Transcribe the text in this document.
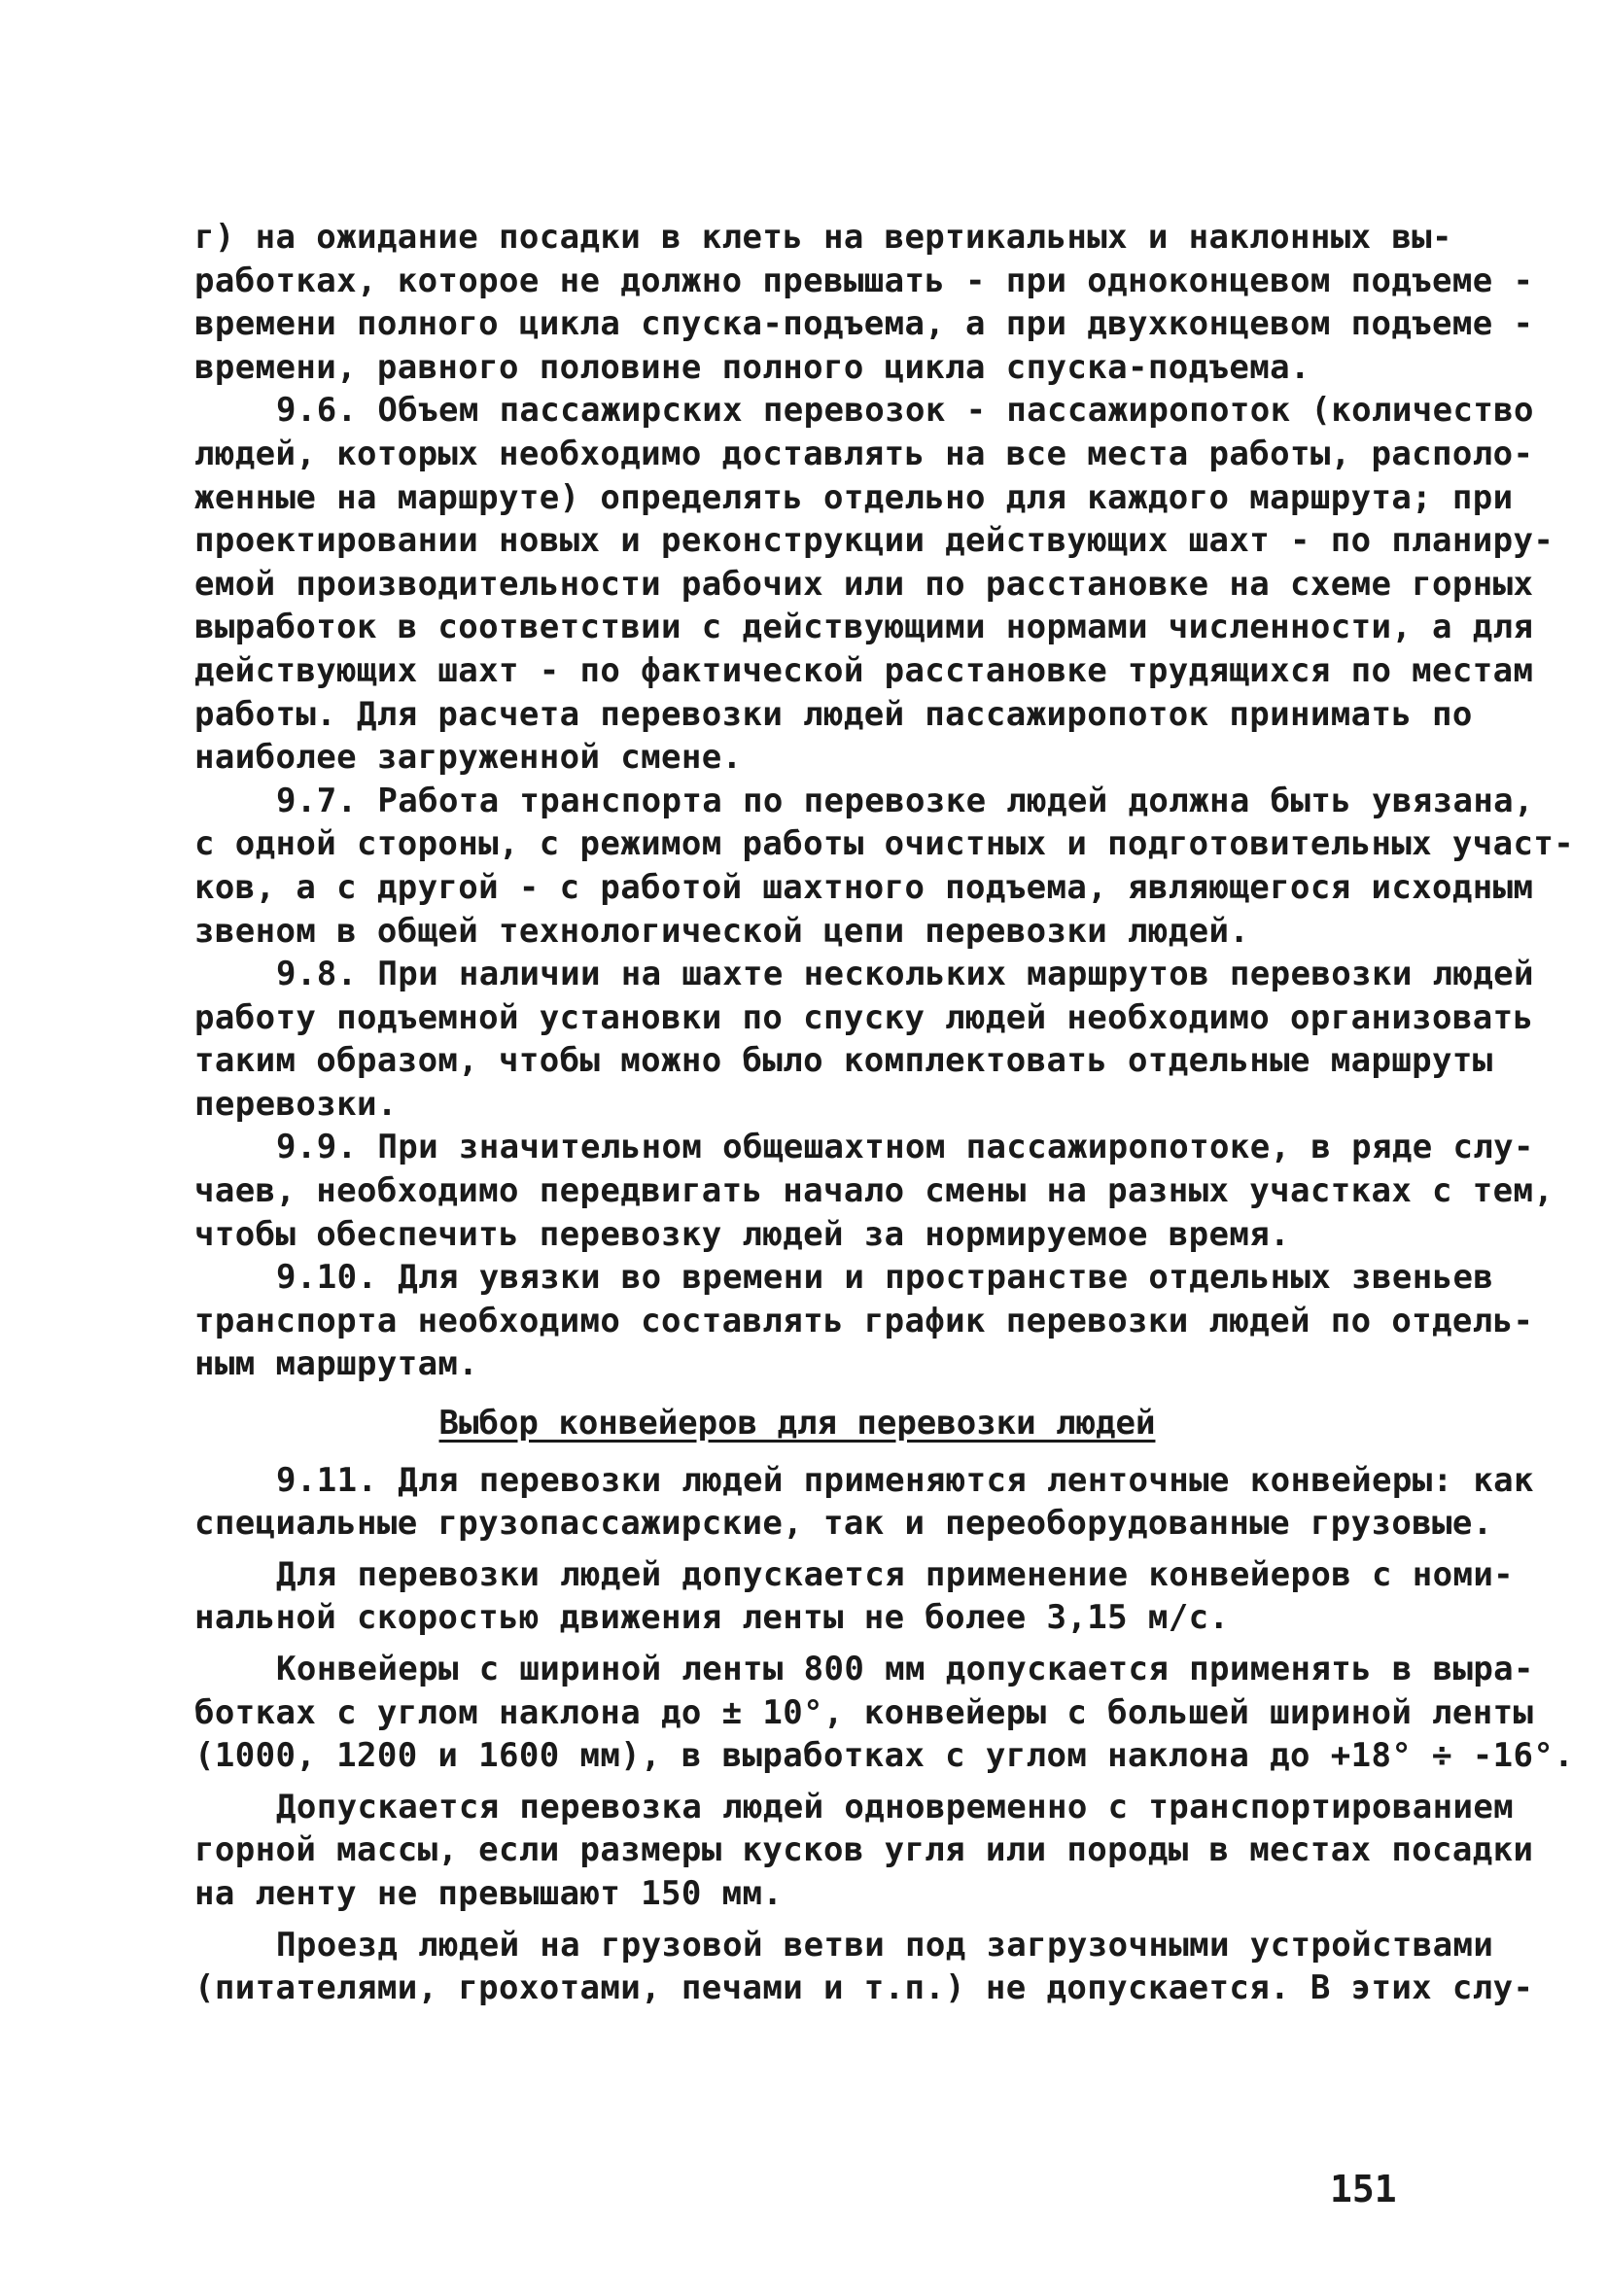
г) на ожидание посадки в клеть на вертикальных и наклонных вы-
работках, которое не должно превышать - при одноконцевом подъеме -
времени полного цикла спуска-подъема, а при двухконцевом подъеме -
времени, равного половине полного цикла спуска-подъема.
9.6. Объем пассажирских перевозок - пассажиропоток (количество
людей, которых необходимо доставлять на все места работы, располо-
женные на маршруте) определять отдельно для каждого маршрута; при
проектировании новых и реконструкции действующих шахт - по планиру-
емой производительности рабочих или по расстановке на схеме горных
выработок в соответствии с действующими нормами численности, а для
действующих шахт - по фактической расстановке трудящихся по местам
работы. Для расчета перевозки людей пассажиропоток принимать по
наиболее загруженной смене.
9.7. Работа транспорта по перевозке людей должна быть увязана,
с одной стороны, с режимом работы очистных и подготовительных участ-
ков, а с другой - с работой шахтного подъема, являющегося исходным
звеном в общей технологической цепи перевозки людей.
9.8. При наличии на шахте нескольких маршрутов перевозки людей
работу подъемной установки по спуску людей необходимо организовать
таким образом, чтобы можно было комплектовать отдельные маршруты
перевозки.
9.9. При значительном общешахтном пассажиропотоке, в ряде слу-
чаев, необходимо передвигать начало смены на разных участках с тем,
чтобы обеспечить перевозку людей за нормируемое время.
9.10. Для увязки во времени и пространстве отдельных звеньев
транспорта необходимо составлять график перевозки людей по отдель-
ным маршрутам.
Выбор конвейеров для перевозки людей
9.11. Для перевозки людей применяются ленточные конвейеры: как
специальные грузопассажирские, так и переоборудованные грузовые.
Для перевозки людей допускается применение конвейеров с номи-
нальной скоростью движения ленты не более 3,15 м/с.
Конвейеры с шириной ленты 800 мм допускается применять в выра-
ботках с углом наклона до ± 10°, конвейеры с большей шириной ленты
(1000, 1200 и 1600 мм), в выработках с углом наклона до +18° ÷ -16°.
Допускается перевозка людей одновременно с транспортированием
горной массы, если размеры кусков угля или породы в местах посадки
на ленту не превышают 150 мм.
Проезд людей на грузовой ветви под загрузочными устройствами
(питателями, грохотами, печами и т.п.) не допускается. В этих слу-
151
